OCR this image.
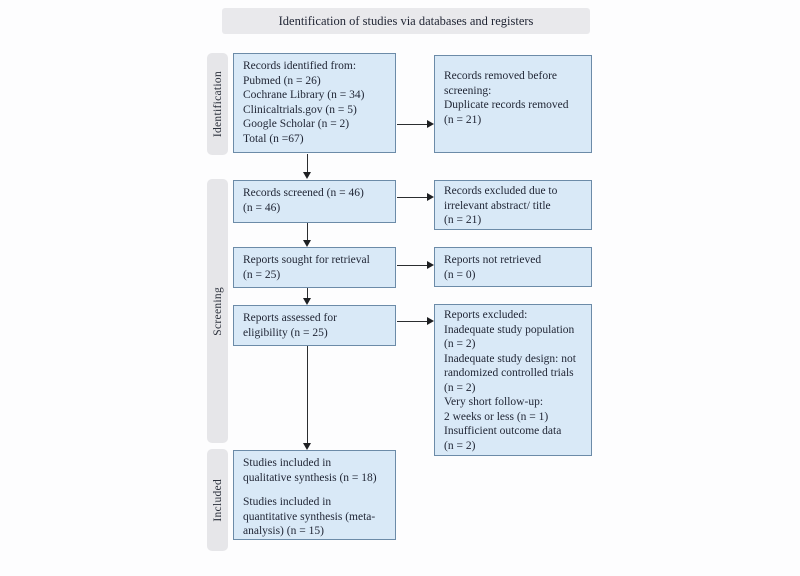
Identification of studies via databases and registers
Identification
Screening
Included
Records identified from:
Pubmed (n = 26)
Cochrane Library (n = 34)
Clinicaltrials.gov (n = 5)
Google Scholar (n = 2)
Total (n =67)
Records screened (n = 46)
(n = 46)
Reports sought for retrieval
(n = 25)
Reports assessed for
eligibility (n = 25)
Studies included in
qualitative synthesis (n = 18)
Studies included in
quantitative synthesis (meta-
analysis) (n = 15)
Records removed before
screening:
Duplicate records removed
(n = 21)
Records excluded due to
irrelevant abstract/ title
(n = 21)
Reports not retrieved
(n = 0)
Reports excluded:
Inadequate study population
(n = 2)
Inadequate study design: not
randomized controlled trials
(n = 2)
Very short follow-up:
2 weeks or less (n = 1)
Insufficient outcome data
(n = 2)
